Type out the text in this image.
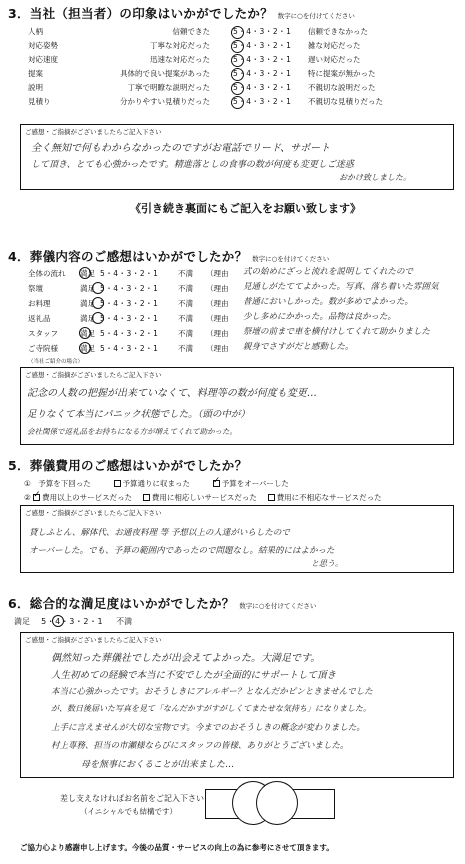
3．当社（担当者）の印象はいかがでしたか？ 数字に○を付けてください
人柄	信頼できた	5・4・3・2・1 信頼できなかった
対応姿勢	丁寧な対応だった	5・4・3・2・1 雑な対応だった
対応速度	迅速な対応だった	5・4・3・2・1 遅い対応だった
提案	具体的で良い提案があった	5・4・3・2・1 特に提案が無かった
説明	丁寧で明瞭な説明だった	5・4・3・2・1 不親切な説明だった
見積り	分かりやすい見積りだった	5・4・3・2・1 不親切な見積りだった
ご感想・ご指摘がございましたらご記入下さい
全く無知で何もわからなかったのですがお電話でリード、サポート
して頂き、とても心強かったです。精進落としの食事の数が何度も変更しご迷惑
おかけ致しました。
《引き続き裏面にもご記入をお願い致します》
4．葬儀内容のご感想はいかがでしたか？ 数字に○を付けてください
全体の流れ 満足 5・4・3・2・1	不満 （理由 式の始めにざっと流れを説明してくれたので
祭壇	満足 5・4・3・2・1	不満 （理由 見通しがたててよかった。写真、落ち着いた雰囲気
お料理	満足 5・4・3・2・1	不満 （理由 普通においしかった。数が多めでよかった。
返礼品	満足 5・4・3・2・1	不満 （理由 少し多めにかかった。品物は良かった。
スタッフ	満足 5・4・3・2・1	不満 （理由 祭壇の前まで車を横付けしてくれて助かりました
ご寺院様	満足 5・4・3・2・1	不満 （理由 親身でさすがだと感動した。
（当社ご紹介の場合）
ご感想・ご指摘がございましたらご記入下さい
記念の人数の把握が出来ていなくて、料理等の数が何度も変更…
足りなくて本当にパニック状態でした。（頭の中が）
会社関係で返礼品をお持ちになる方が増えてくれて助かった。
5．葬儀費用のご感想はいかがでしたか？
①　予算を下回った	予算通りに収まった ✓	予算をオーバーした
② ✓ 費用以上のサービスだった	費用に相応しいサービスだった	費用に不相応なサービスだった
ご感想・ご指摘がございましたらご記入下さい
貸しふとん、解体代、お通夜料理 等 予想以上の人達がいらしたので
オーバーした。でも、予算の範囲内であったので問題なし。結果的にはよかった
と思う。
6．総合的な満足度はいかがでしたか？ 数字に○を付けてください
満足 5・4・3・2・1 不満
ご感想・ご指摘がございましたらご記入下さい
偶然知った葬儀社でしたが出会えてよかった。大満足です。
人生初めての経験で本当に不安でしたが全面的にサポートして頂き
本当に心強かったです。おそうしきにアレルギー？となんだかピンときませんでした
が、数日後届いた写真を見て「なんだかすがすがしくてまたせな気持ち」になりました。
上手に言えませんが大切な宝物です。今までのおそうしきの概念が変わりました。
村上専務、担当の市瀬様ならびにスタッフの皆様、ありがとうございました。
母を無事におくることが出来ました…
差し支えなければお名前をご記入下さい
（イニシャルでも結構です）
ご協力心より感謝申し上げます。今後の品質・サービスの向上の為に参考にさせて頂きます。
